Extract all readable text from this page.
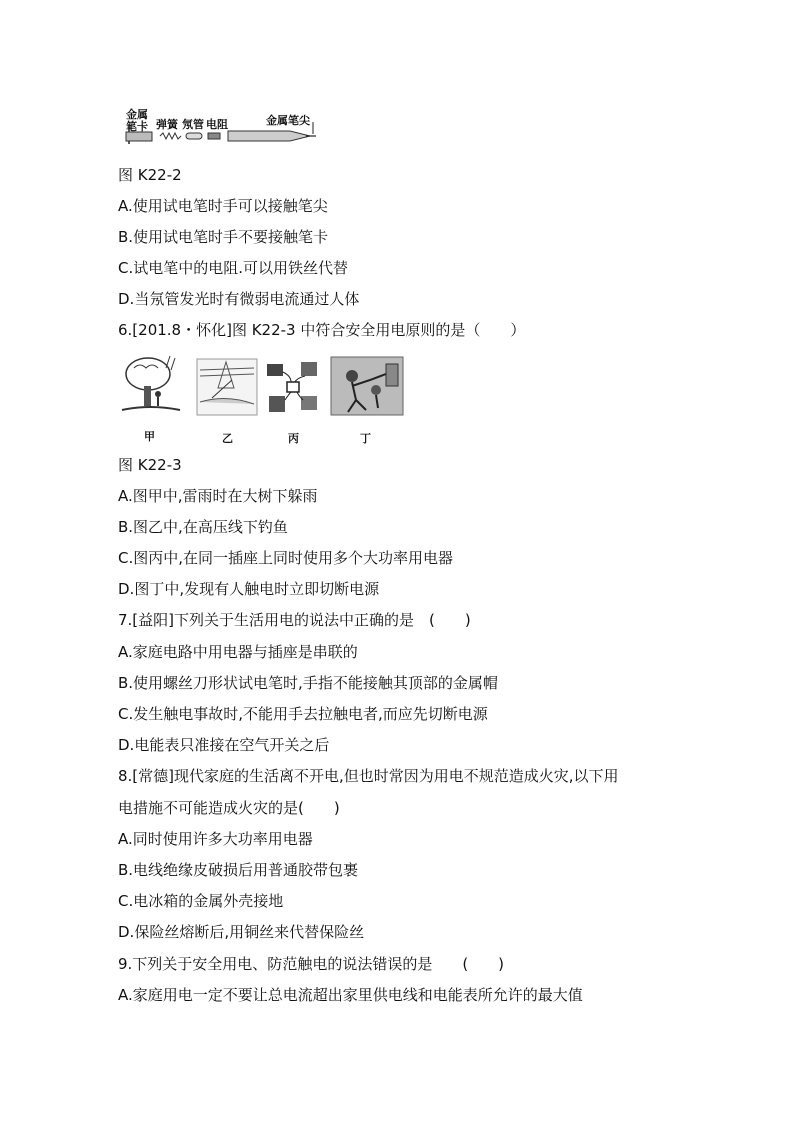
金属
笔卡 弹簧 氖管 电阻	金属笔尖
图 K22-2
A.使用试电笔时手可以接触笔尖
B.使用试电笔时手不要接触笔卡
C.试电笔中的电阻.可以用铁丝代替
D.当氖管发光时有微弱电流通过人体
6.[201.8・怀化]图 K22-3 中符合安全用电原则的是（　　）
甲	乙	丙	丁
图 K22-3
A.图甲中,雷雨时在大树下躲雨
B.图乙中,在高压线下钓鱼
C.图丙中,在同一插座上同时使用多个大功率用电器
D.图丁中,发现有人触电时立即切断电源
7.[益阳]下列关于生活用电的说法中正确的是　(　　)
A.家庭电路中用电器与插座是串联的
B.使用螺丝刀形状试电笔时,手指不能接触其顶部的金属帽
C.发生触电事故时,不能用手去拉触电者,而应先切断电源
D.电能表只准接在空气开关之后
8.[常德]现代家庭的生活离不开电,但也时常因为用电不规范造成火灾,以下用
电措施不可能造成火灾的是(　　)
A.同时使用许多大功率用电器
B.电线绝缘皮破损后用普通胶带包裹
C.电冰箱的金属外壳接地
D.保险丝熔断后,用铜丝来代替保险丝
9.下列关于安全用电、防范触电的说法错误的是　　(　　)
A.家庭用电一定不要让总电流超出家里供电线和电能表所允许的最大值
